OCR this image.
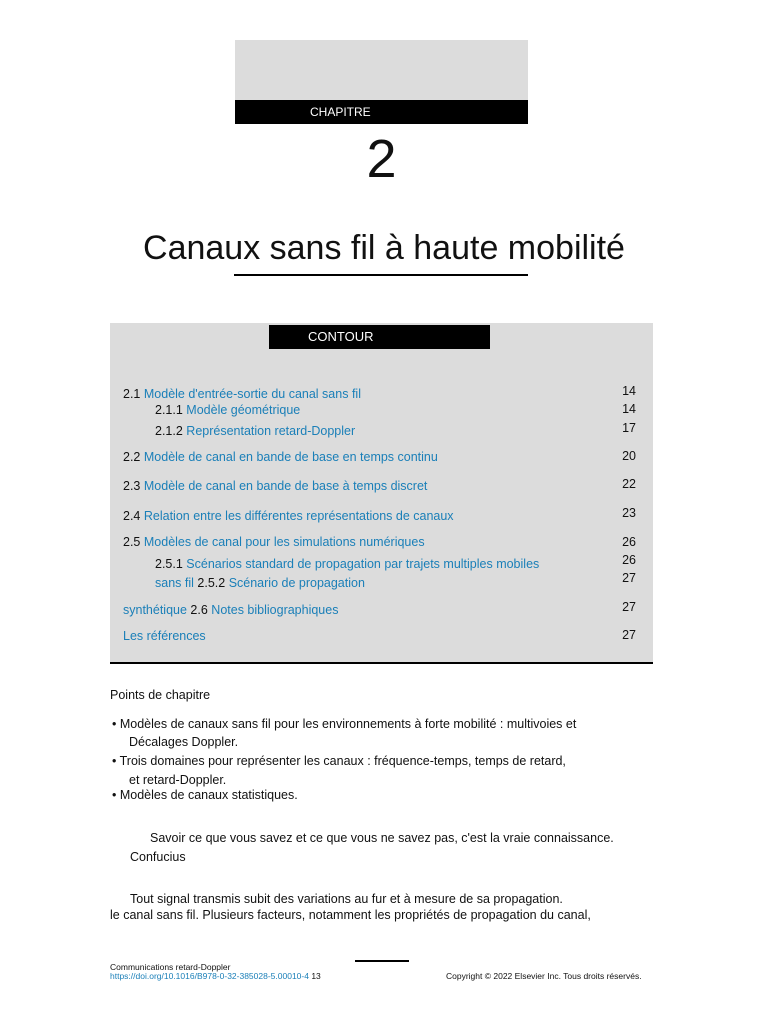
CHAPITRE
2
Canaux sans fil à haute mobilité
CONTOUR
2.1 Modèle d'entrée-sortie du canal sans fil
2.1.1 Modèle géométrique
2.1.2 Représentation retard-Doppler
2.2 Modèle de canal en bande de base en temps continu
2.3 Modèle de canal en bande de base à temps discret
2.4 Relation entre les différentes représentations de canaux
2.5 Modèles de canal pour les simulations numériques
2.5.1 Scénarios standard de propagation par trajets multiples mobiles
sans fil 2.5.2 Scénario de propagation
synthétique 2.6 Notes bibliographiques
Les références
14
14
17
20
22
23
26
26
27
27
27
Points de chapitre
• Modèles de canaux sans fil pour les environnements à forte mobilité : multivoies et
Décalages Doppler.
• Trois domaines pour représenter les canaux : fréquence-temps, temps de retard,
et retard-Doppler.
• Modèles de canaux statistiques.
Savoir ce que vous savez et ce que vous ne savez pas, c'est la vraie connaissance.
Confucius
Tout signal transmis subit des variations au fur et à mesure de sa propagation.
le canal sans fil. Plusieurs facteurs, notamment les propriétés de propagation du canal,
Communications retard-Doppler
https://doi.org/10.1016/B978-0-32-385028-5.00010-4 13	Copyright © 2022 Elsevier Inc. Tous droits réservés.
